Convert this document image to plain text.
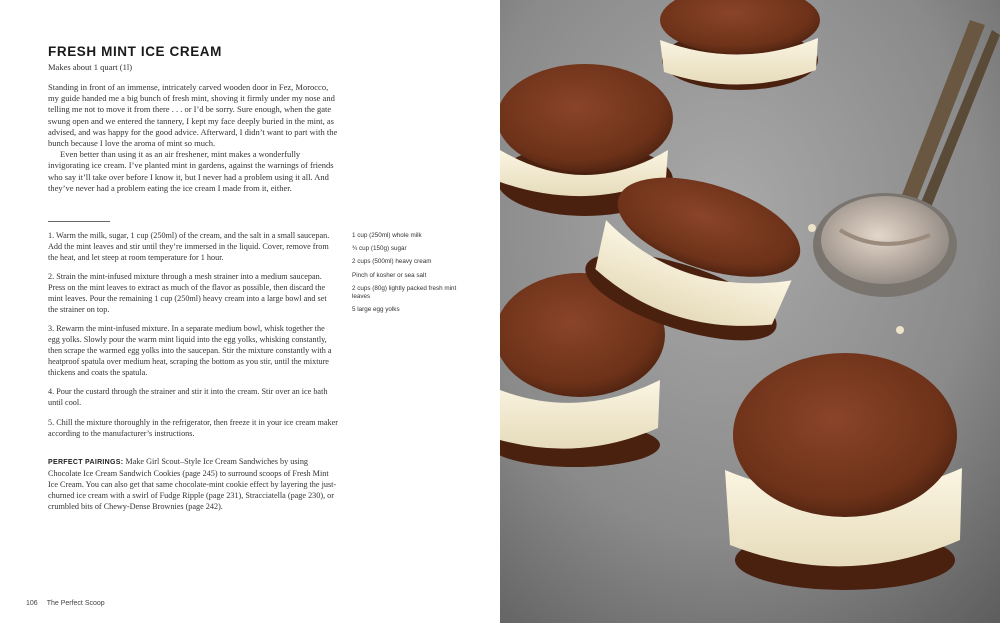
FRESH MINT ICE CREAM
Makes about 1 quart (1l)

Standing in front of an immense, intricately carved wooden door in Fez, Morocco, my guide handed me a big bunch of fresh mint, shoving it firmly under my nose and telling me not to move it from there . . . or I’d be sorry. Sure enough, when the gate swung open and we entered the tannery, I kept my face deeply buried in the mint, as advised, and was happy for the good advice. Afterward, I didn’t want to part with the bunch because I love the aroma of mint so much.

Even better than using it as an air freshener, mint makes a wonderfully invigorating ice cream. I’ve planted mint in gardens, against the warnings of friends who say it’ll take over before I know it, but I never had a problem using it all. And they’ve never had a problem eating the ice cream I made from it, either.

1. Warm the milk, sugar, 1 cup (250ml) of the cream, and the salt in a small saucepan. Add the mint leaves and stir until they’re immersed in the liquid. Cover, remove from the heat, and let steep at room temperature for 1 hour.

2. Strain the mint-infused mixture through a mesh strainer into a medium saucepan. Press on the mint leaves to extract as much of the flavor as possible, then discard the mint leaves. Pour the remaining 1 cup (250ml) heavy cream into a large bowl and set the strainer on top.

3. Rewarm the mint-infused mixture. In a separate medium bowl, whisk together the egg yolks. Slowly pour the warm mint liquid into the egg yolks, whisking constantly, then scrape the warmed egg yolks into the saucepan. Stir the mixture constantly with a heatproof spatula over medium heat, scraping the bottom as you stir, until the mixture thickens and coats the spatula.

4. Pour the custard through the strainer and stir it into the cream. Stir over an ice bath until cool.

5. Chill the mixture thoroughly in the refrigerator, then freeze it in your ice cream maker according to the manufacturer’s instructions.

PERFECT PAIRINGS: Make Girl Scout–Style Ice Cream Sandwiches by using Chocolate Ice Cream Sandwich Cookies (page 245) to surround scoops of Fresh Mint Ice Cream. You can also get that same chocolate-mint cookie effect by layering the just-churned ice cream with a swirl of Fudge Ripple (page 231), Stracciatella (page 230), or crumbled bits of Chewy-Dense Brownies (page 242).

1 cup (250ml) whole milk
¾ cup (150g) sugar
2 cups (500ml) heavy cream
Pinch of kosher or sea salt
2 cups (80g) lightly packed fresh mint leaves
5 large egg yolks
106 The Perfect Scoop
